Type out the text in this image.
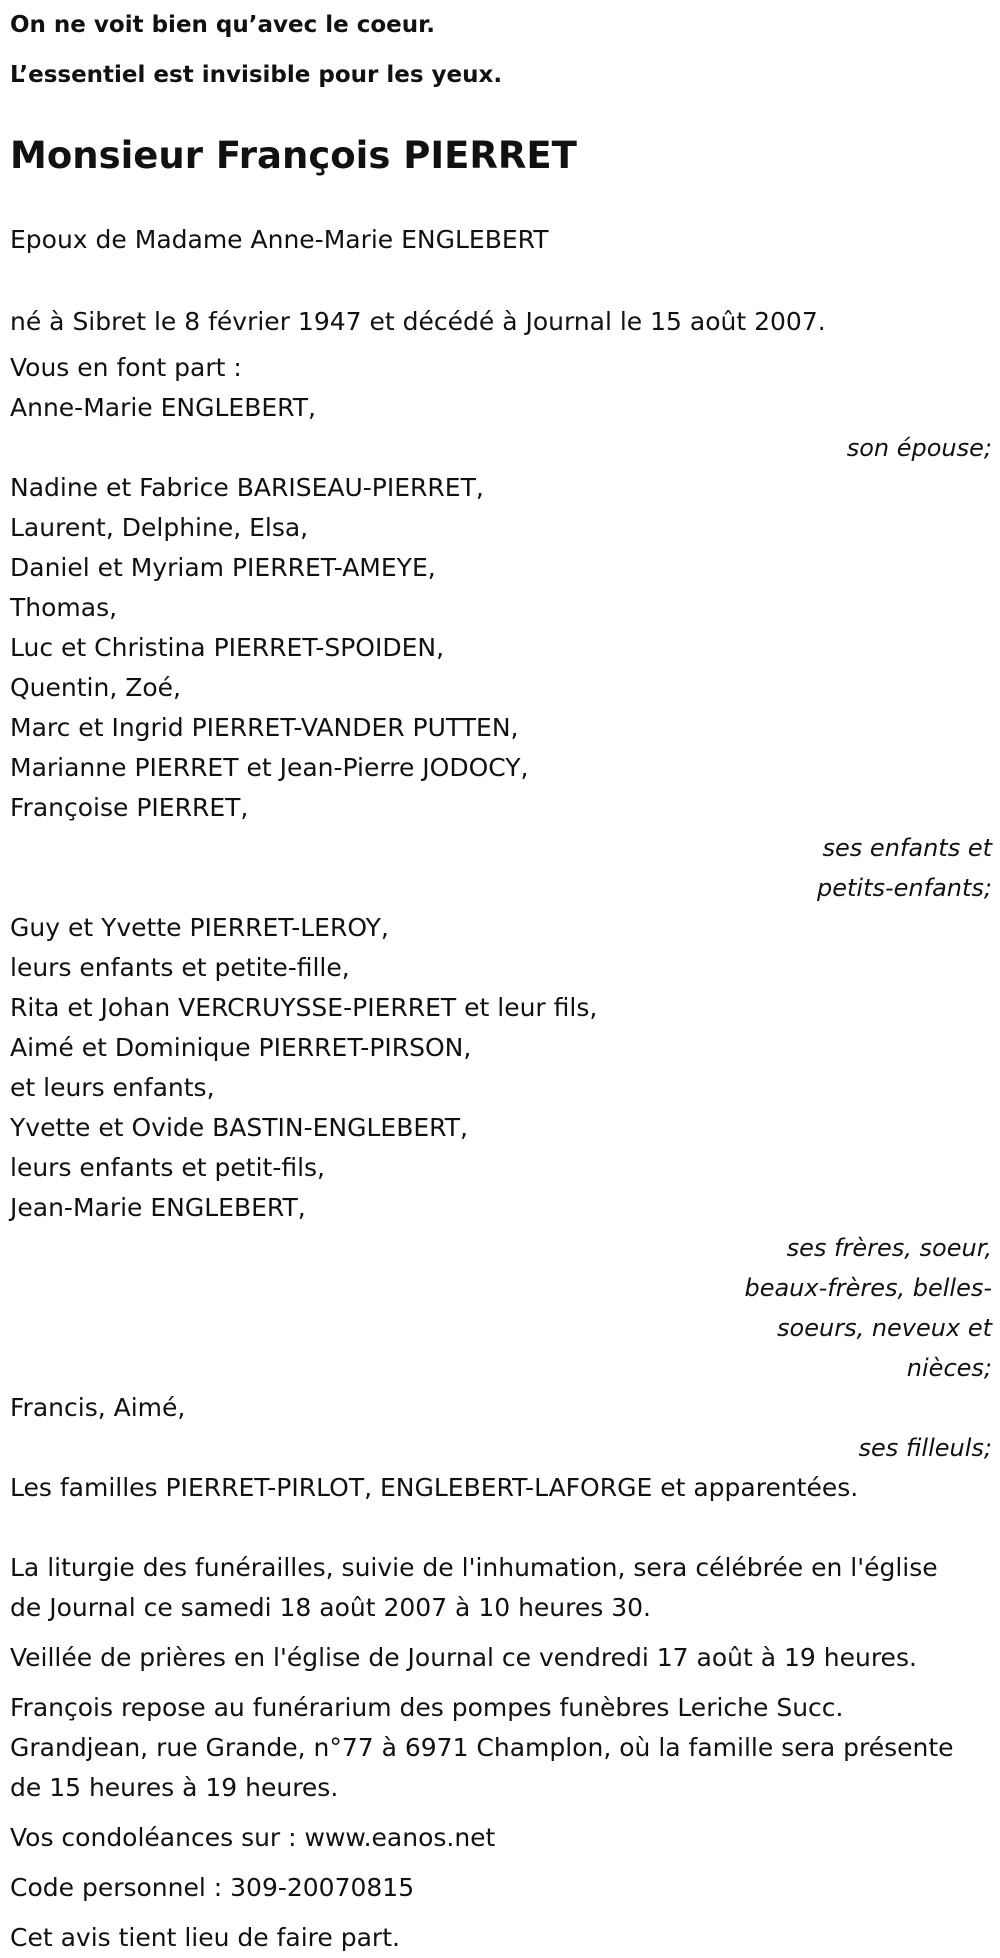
On ne voit bien qu’avec le coeur.

L’essentiel est invisible pour les yeux.

Monsieur François PIERRET

Epoux de Madame Anne-Marie ENGLEBERT

né à Sibret le 8 février 1947 et décédé à Journal le 15 août 2007.

Vous en font part :

Anne-Marie ENGLEBERT,

son épouse;

Nadine et Fabrice BARISEAU-PIERRET,

Laurent, Delphine, Elsa,

Daniel et Myriam PIERRET-AMEYE,

Thomas,

Luc et Christina PIERRET-SPOIDEN,

Quentin, Zoé,

Marc et Ingrid PIERRET-VANDER PUTTEN,

Marianne PIERRET et Jean-Pierre JODOCY,

Françoise PIERRET,

ses enfants et

petits-enfants;

Guy et Yvette PIERRET-LEROY,

leurs enfants et petite-fille,

Rita et Johan VERCRUYSSE-PIERRET et leur fils,

Aimé et Dominique PIERRET-PIRSON,

et leurs enfants,

Yvette et Ovide BASTIN-ENGLEBERT,

leurs enfants et petit-fils,

Jean-Marie ENGLEBERT,

ses frères, soeur,

beaux-frères, belles-

soeurs, neveux et

nièces;

Francis, Aimé,

ses filleuls;

Les familles PIERRET-PIRLOT, ENGLEBERT-LAFORGE et apparentées.

La liturgie des funérailles, suivie de l'inhumation, sera célébrée en l'église

de Journal ce samedi 18 août 2007 à 10 heures 30.

Veillée de prières en l'église de Journal ce vendredi 17 août à 19 heures.

François repose au funérarium des pompes funèbres Leriche Succ.

Grandjean, rue Grande, n°77 à 6971 Champlon, où la famille sera présente

de 15 heures à 19 heures.

Vos condoléances sur : www.eanos.net

Code personnel : 309-20070815

Cet avis tient lieu de faire part.
